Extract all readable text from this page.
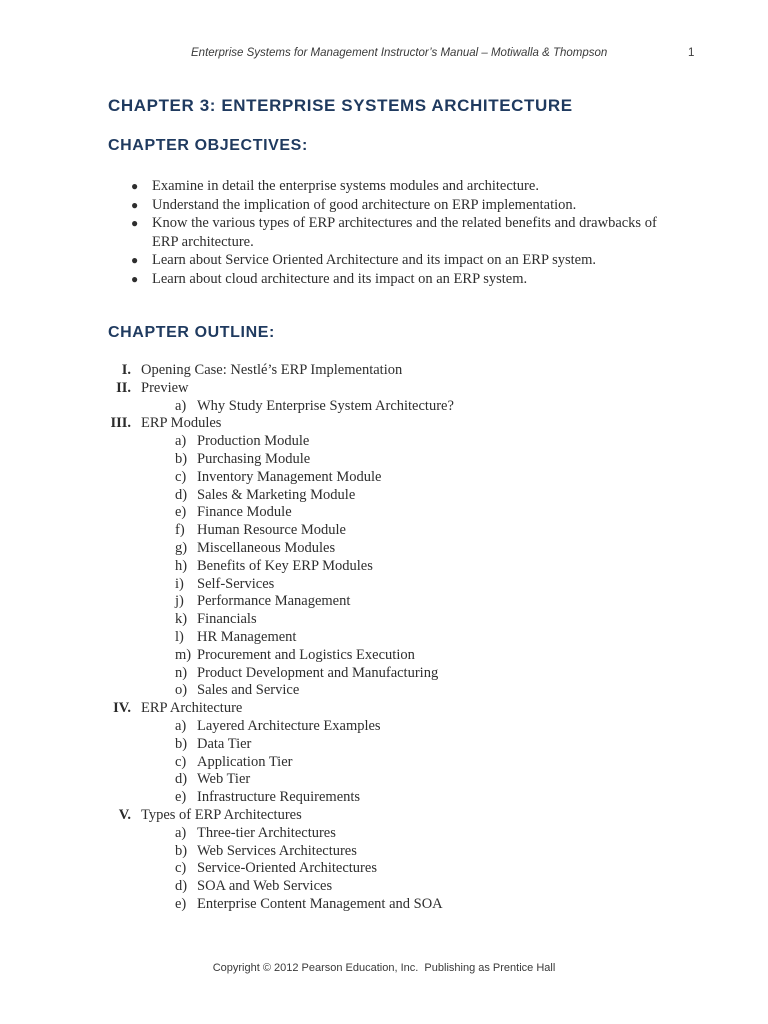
Enterprise Systems for Management Instructor’s Manual – Motiwalla & Thompson	1
CHAPTER 3: ENTERPRISE SYSTEMS ARCHITECTURE
CHAPTER OBJECTIVES:
● Examine in detail the enterprise systems modules and architecture.
● Understand the implication of good architecture on ERP implementation.
● Know the various types of ERP architectures and the related benefits and drawbacks of
ERP architecture.
● Learn about Service Oriented Architecture and its impact on an ERP system.
● Learn about cloud architecture and its impact on an ERP system.
CHAPTER OUTLINE:
I. Opening Case: Nestlé’s ERP Implementation
II. Preview
a) Why Study Enterprise System Architecture?
III. ERP Modules
a) Production Module
b) Purchasing Module
c) Inventory Management Module
d) Sales & Marketing Module
e) Finance Module
f) Human Resource Module
g) Miscellaneous Modules
h) Benefits of Key ERP Modules
i) Self-Services
j) Performance Management
k) Financials
l) HR Management
m) Procurement and Logistics Execution
n) Product Development and Manufacturing
o) Sales and Service
IV. ERP Architecture
a) Layered Architecture Examples
b) Data Tier
c) Application Tier
d) Web Tier
e) Infrastructure Requirements
V. Types of ERP Architectures
a) Three-tier Architectures
b) Web Services Architectures
c) Service-Oriented Architectures
d) SOA and Web Services
e) Enterprise Content Management and SOA
Copyright © 2012 Pearson Education, Inc.  Publishing as Prentice Hall
